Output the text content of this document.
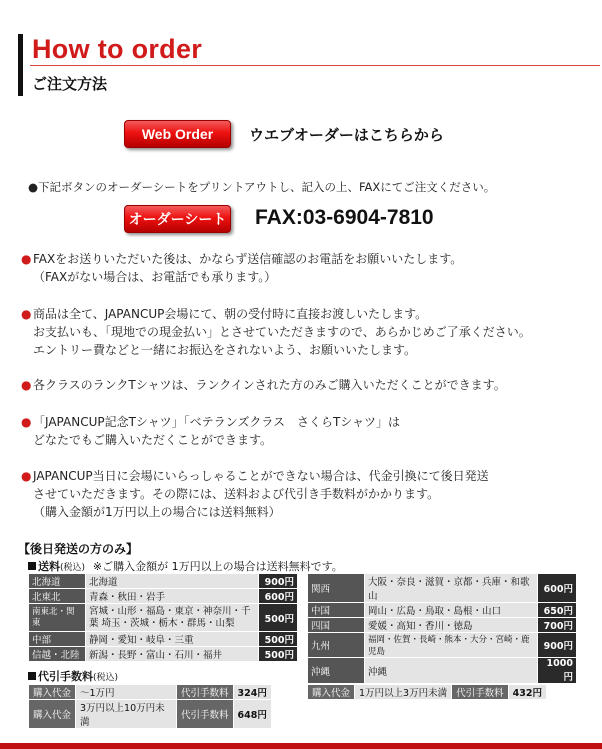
How to order
ご注文方法
Web Order	ウエブオーダーはこちらから
●下記ボタンのオーダーシートをプリントアウトし、記入の上、FAXにてご注文ください。
オーダーシート FAX:03-6904-7810
● FAXをお送りいただいた後は、かならず送信確認のお電話をお願いいたします。
（FAXがない場合は、お電話でも承ります。）
● 商品は全て、JAPANCUP会場にて、朝の受付時に直接お渡しいたします。
お支払いも、「現地での現金払い」とさせていただきますので、あらかじめご了承ください。
エントリー費などと一緒にお振込をされないよう、お願いいたします。
● 各クラスのランクTシャツは、ランクインされた方のみご購入いただくことができます。
● 「JAPANCUP記念Tシャツ」「ベテランズクラス　さくらTシャツ」は
どなたでもご購入いただくことができます。
● JAPANCUP当日に会場にいらっしゃることができない場合は、代金引換にて後日発送
させていただきます。その際には、送料および代引き手数料がかかります。
（購入金額が1万円以上の場合には送料無料）
【後日発送の方のみ】
送料(税込) ※ご購入金額が 1万円以上の場合は送料無料です。
北海道	北海道	900円
北東北	青森・秋田・岩手	600円
南東北・関東	宮城・山形・福島・東京・神奈川・千葉 埼玉・茨城・栃木・群馬・山梨	500円
中部	静岡・愛知・岐阜・三重	500円
信越・北陸	新潟・長野・富山・石川・福井	500円
関西	大阪・奈良・滋賀・京都・兵庫・和歌山	600円
中国	岡山・広島・鳥取・島根・山口	650円
四国	愛媛・高知・香川・徳島	700円
九州	福岡・佐賀・長崎・熊本・大分・宮崎・鹿児島	900円
沖縄	沖縄	1000円
代引手数料(税込)
購入代金	～1万円	代引手数料	324円
購入代金	3万円以上10万円未満	代引手数料	648円
購入代金	1万円以上3万円未満	代引手数料	432円
